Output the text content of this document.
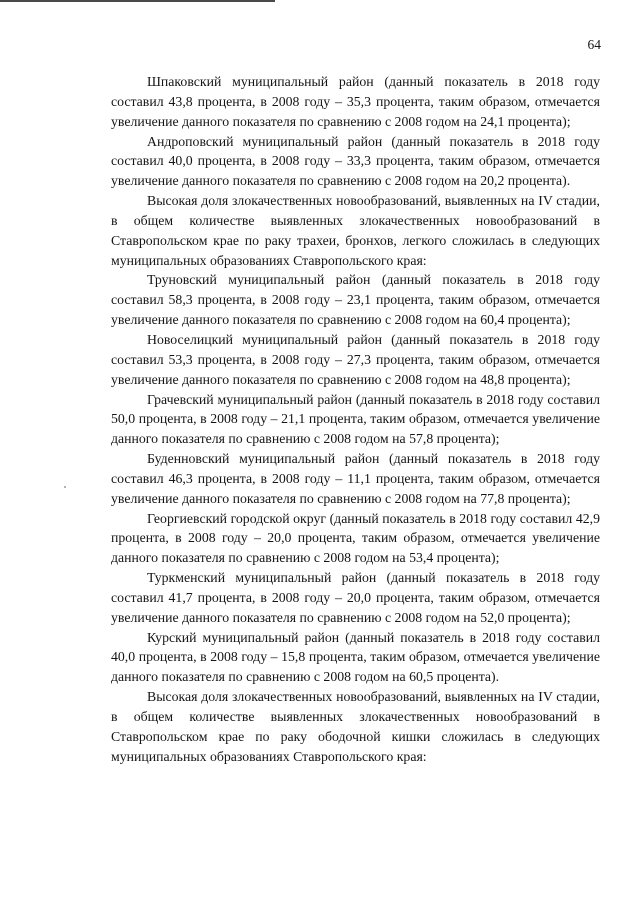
64

Шпаковский муниципальный район (данный показатель в 2018 году составил 43,8 процента, в 2008 году – 35,3 процента, таким образом, отмечается увеличение данного показателя по сравнению с 2008 годом на 24,1 процента);

Андроповский муниципальный район (данный показатель в 2018 году составил 40,0 процента, в 2008 году – 33,3 процента, таким образом, отмечается увеличение данного показателя по сравнению с 2008 годом на 20,2 процента).

Высокая доля злокачественных новообразований, выявленных на IV стадии, в общем количестве выявленных злокачественных новообразований в Ставропольском крае по раку трахеи, бронхов, легкого сложилась в следующих муниципальных образованиях Ставропольского края:

Труновский муниципальный район (данный показатель в 2018 году составил 58,3 процента, в 2008 году – 23,1 процента, таким образом, отмечается увеличение данного показателя по сравнению с 2008 годом на 60,4 процента);

Новоселицкий муниципальный район (данный показатель в 2018 году составил 53,3 процента, в 2008 году – 27,3 процента, таким образом, отмечается увеличение данного показателя по сравнению с 2008 годом на 48,8 процента);

Грачевский муниципальный район (данный показатель в 2018 году составил 50,0 процента, в 2008 году – 21,1 процента, таким образом, отмечается увеличение данного показателя по сравнению с 2008 годом на 57,8 процента);

Буденновский муниципальный район (данный показатель в 2018 году составил 46,3 процента, в 2008 году – 11,1 процента, таким образом, отмечается увеличение данного показателя по сравнению с 2008 годом на 77,8 процента);

Георгиевский городской округ (данный показатель в 2018 году составил 42,9 процента, в 2008 году – 20,0 процента, таким образом, отмечается увеличение данного показателя по сравнению с 2008 годом на 53,4 процента);

Туркменский муниципальный район (данный показатель в 2018 году составил 41,7 процента, в 2008 году – 20,0 процента, таким образом, отмечается увеличение данного показателя по сравнению с 2008 годом на 52,0 процента);

Курский муниципальный район (данный показатель в 2018 году составил 40,0 процента, в 2008 году – 15,8 процента, таким образом, отмечается увеличение данного показателя по сравнению с 2008 годом на 60,5 процента).

Высокая доля злокачественных новообразований, выявленных на IV стадии, в общем количестве выявленных злокачественных новообразований в Ставропольском крае по раку ободочной кишки сложилась в следующих муниципальных образованиях Ставропольского края:
